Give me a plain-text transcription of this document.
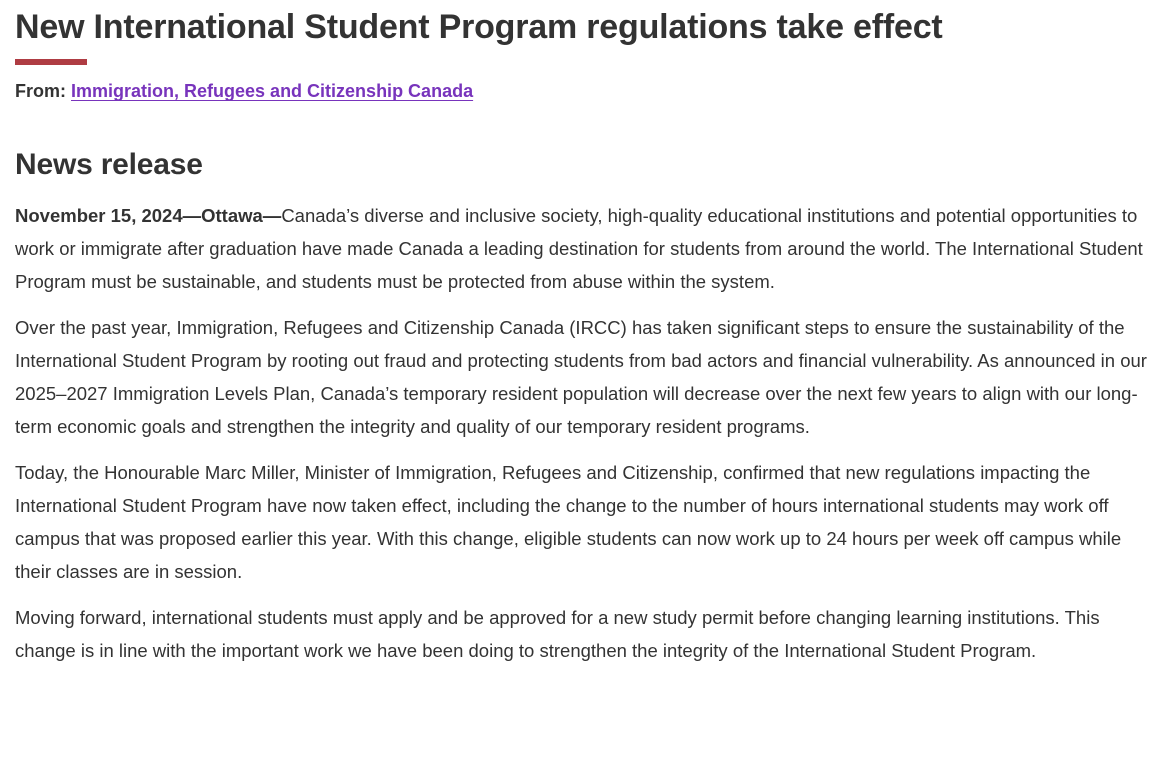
New International Student Program regulations take effect

From: Immigration, Refugees and Citizenship Canada

News release

November 15, 2024—Ottawa—Canada’s diverse and inclusive society, high-quality educational institutions and potential opportunities to work or immigrate after graduation have made Canada a leading destination for students from around the world. The International Student Program must be sustainable, and students must be protected from abuse within the system.

Over the past year, Immigration, Refugees and Citizenship Canada (IRCC) has taken significant steps to ensure the sustainability of the International Student Program by rooting out fraud and protecting students from bad actors and financial vulnerability. As announced in our 2025–2027 Immigration Levels Plan, Canada’s temporary resident population will decrease over the next few years to align with our long-term economic goals and strengthen the integrity and quality of our temporary resident programs.

Today, the Honourable Marc Miller, Minister of Immigration, Refugees and Citizenship, confirmed that new regulations impacting the International Student Program have now taken effect, including the change to the number of hours international students may work off campus that was proposed earlier this year. With this change, eligible students can now work up to 24 hours per week off campus while their classes are in session.

Moving forward, international students must apply and be approved for a new study permit before changing learning institutions. This change is in line with the important work we have been doing to strengthen the integrity of the International Student Program.
